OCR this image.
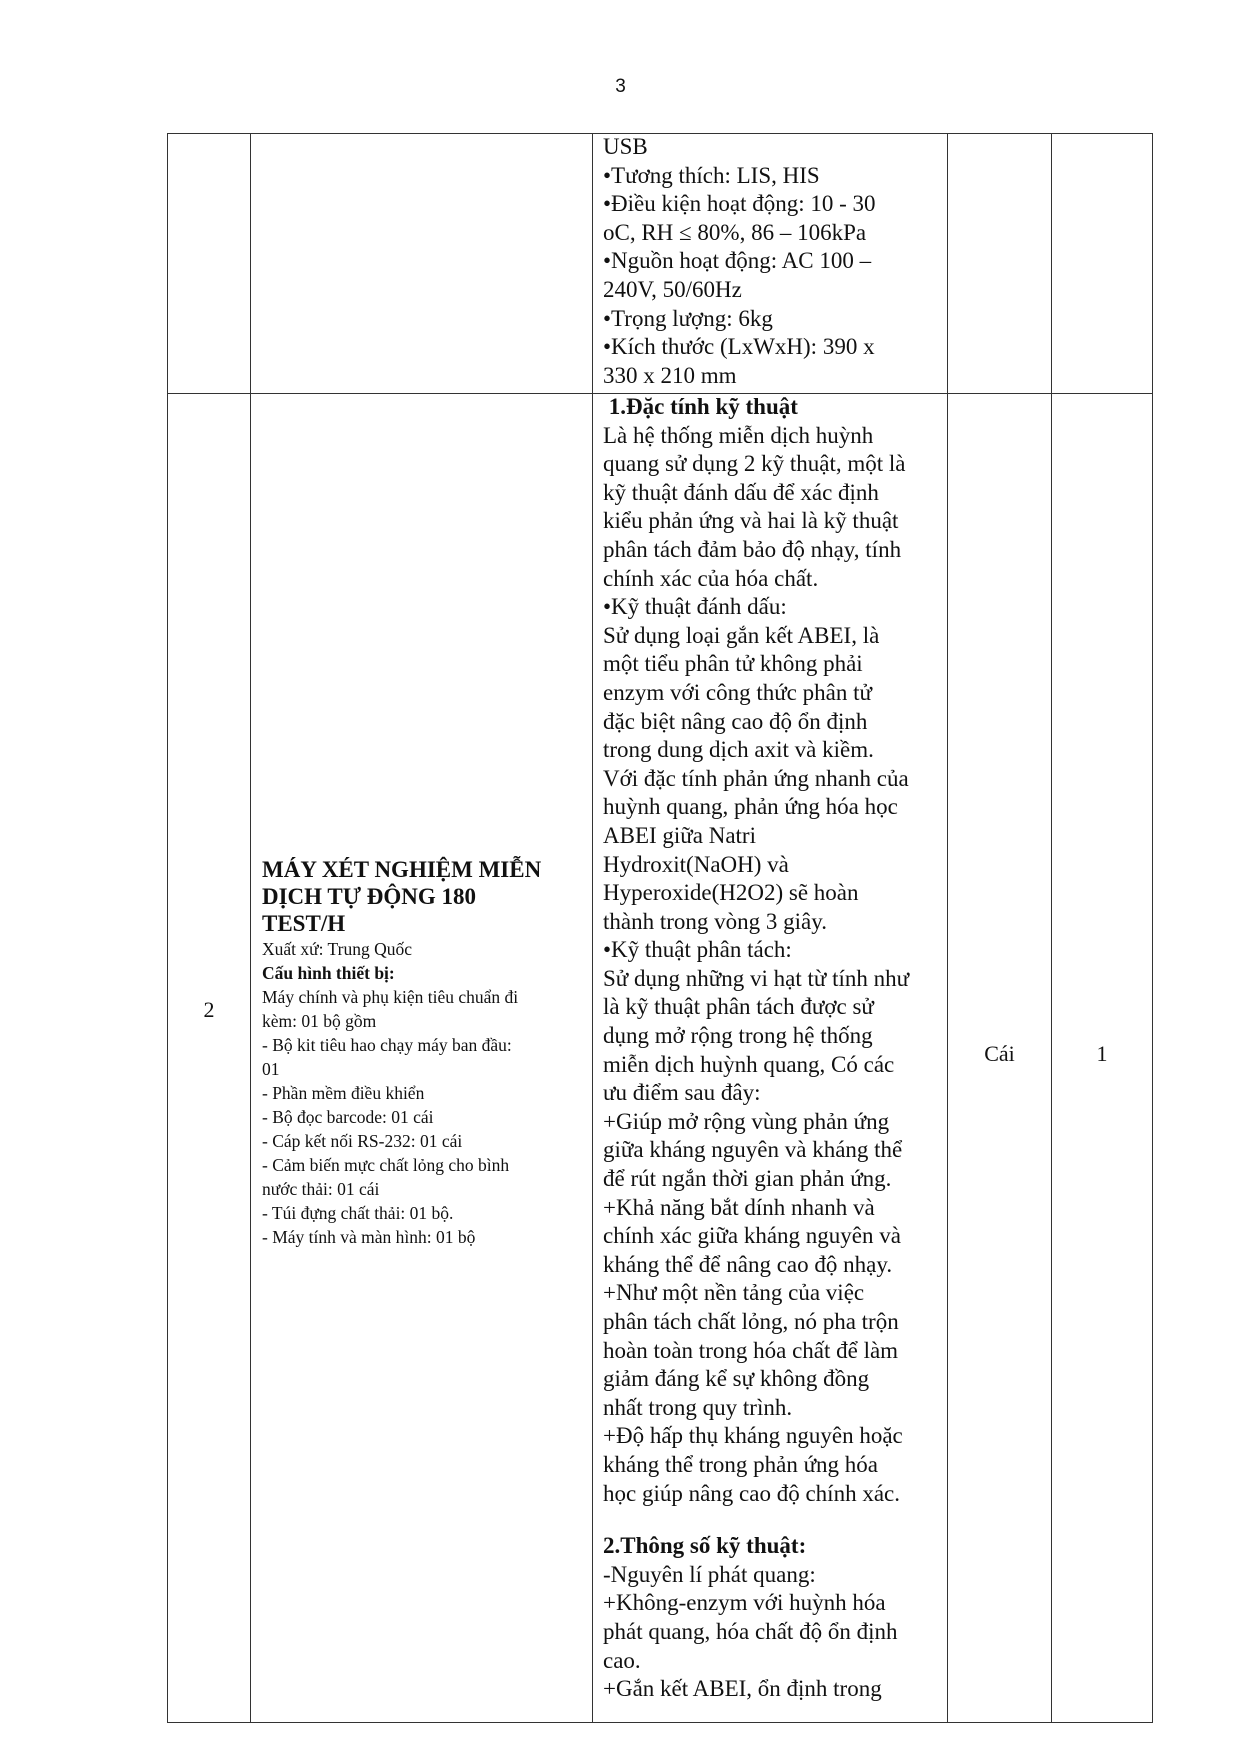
3
USB
•Tương thích: LIS, HIS
•Điều kiện hoạt động: 10 - 30
oC, RH ≤ 80%, 86 – 106kPa
•Nguồn hoạt động: AC 100 –
240V, 50/60Hz
•Trọng lượng: 6kg
•Kích thước (LxWxH): 390 x
330 x 210 mm
2
MÁY XÉT NGHIỆM MIỄN
DỊCH TỰ ĐỘNG 180
TEST/H
Xuất xứ: Trung Quốc
Cấu hình thiết bị:
Máy chính và phụ kiện tiêu chuẩn đi
kèm: 01 bộ gồm
- Bộ kit tiêu hao chạy máy ban đầu:
01
- Phần mềm điều khiển
- Bộ đọc barcode: 01 cái
- Cáp kết nối RS-232: 01 cái
- Cảm biến mực chất lỏng cho bình
nước thải: 01 cái
- Túi đựng chất thải: 01 bộ.
- Máy tính và màn hình: 01 bộ
1.Đặc tính kỹ thuật
Là hệ thống miễn dịch huỳnh
quang sử dụng 2 kỹ thuật, một là
kỹ thuật đánh dấu để xác định
kiểu phản ứng và hai là kỹ thuật
phân tách đảm bảo độ nhạy, tính
chính xác của hóa chất.
•Kỹ thuật đánh dấu:
Sử dụng loại gắn kết ABEI, là
một tiểu phân tử không phải
enzym với công thức phân tử
đặc biệt nâng cao độ ổn định
trong dung dịch axit và kiềm.
Với đặc tính phản ứng nhanh của
huỳnh quang, phản ứng hóa học
ABEI giữa Natri
Hydroxit(NaOH) và
Hyperoxide(H2O2) sẽ hoàn
thành trong vòng 3 giây.
•Kỹ thuật phân tách:
Sử dụng những vi hạt từ tính như
là kỹ thuật phân tách được sử
dụng mở rộng trong hệ thống
miễn dịch huỳnh quang, Có các
ưu điểm sau đây:
+Giúp mở rộng vùng phản ứng
giữa kháng nguyên và kháng thể
để rút ngắn thời gian phản ứng.
+Khả năng bắt dính nhanh và
chính xác giữa kháng nguyên và
kháng thể để nâng cao độ nhạy.
+Như một nền tảng của việc
phân tách chất lỏng, nó pha trộn
hoàn toàn trong hóa chất để làm
giảm đáng kể sự không đồng
nhất trong quy trình.
+Độ hấp thụ kháng nguyên hoặc
kháng thể trong phản ứng hóa
học giúp nâng cao độ chính xác.
2.Thông số kỹ thuật:
-Nguyên lí phát quang:
+Không-enzym với huỳnh hóa
phát quang, hóa chất độ ổn định
cao.
+Gắn kết ABEI, ổn định trong
Cái	1
